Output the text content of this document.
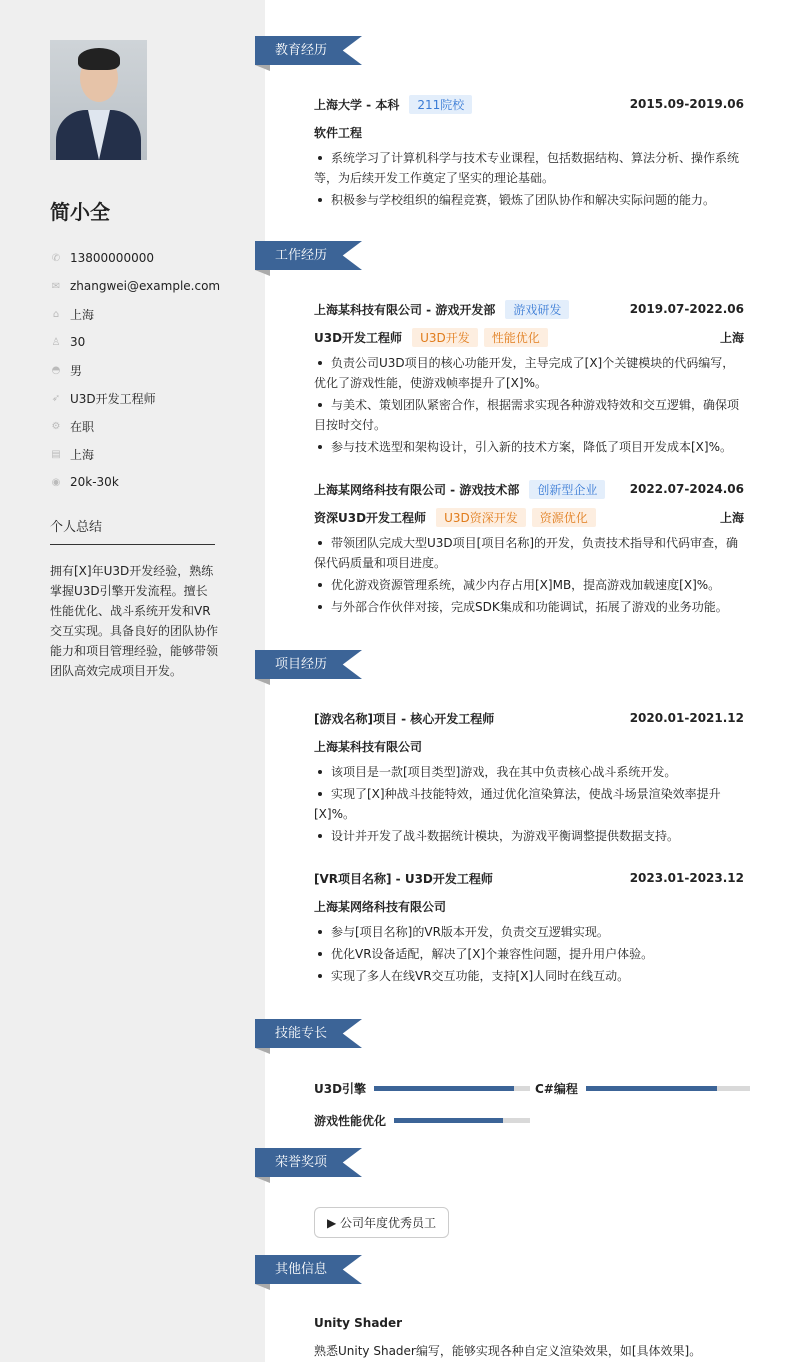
简小全
✆ 13800000000
✉ zhangwei@example.com
⌂ 上海
♙ 30
◓ 男
➶ U3D开发工程师
⚙ 在职
▤ 上海
◉ 20k-30k
个人总结
拥有[X]年U3D开发经验，熟练掌握U3D引擎开发流程。擅长性能优化、战斗系统开发和VR交互实现。具备良好的团队协作能力和项目管理经验，能够带领团队高效完成项目开发。
教育经历
上海大学 - 本科	211院校	2015.09-2019.06
软件工程
系统学习了计算机科学与技术专业课程，包括数据结构、算法分析、操作系统等，为后续开发工作奠定了坚实的理论基础。
积极参与学校组织的编程竞赛，锻炼了团队协作和解决实际问题的能力。
工作经历
上海某科技有限公司 - 游戏开发部	游戏研发	2019.07-2022.06
U3D开发工程师	U3D开发	性能优化	上海
负责公司U3D项目的核心功能开发，主导完成了[X]个关键模块的代码编写，优化了游戏性能，使游戏帧率提升了[X]%。
与美术、策划团队紧密合作，根据需求实现各种游戏特效和交互逻辑，确保项目按时交付。
参与技术选型和架构设计，引入新的技术方案，降低了项目开发成本[X]%。
上海某网络科技有限公司 - 游戏技术部	创新型企业	2022.07-2024.06
资深U3D开发工程师	U3D资深开发	资源优化	上海
带领团队完成大型U3D项目[项目名称]的开发，负责技术指导和代码审查，确保代码质量和项目进度。
优化游戏资源管理系统，减少内存占用[X]MB，提高游戏加载速度[X]%。
与外部合作伙伴对接，完成SDK集成和功能调试，拓展了游戏的业务功能。
项目经历
[游戏名称]项目 - 核心开发工程师	2020.01-2021.12
上海某科技有限公司
该项目是一款[项目类型]游戏，我在其中负责核心战斗系统开发。
实现了[X]种战斗技能特效，通过优化渲染算法，使战斗场景渲染效率提升[X]%。
设计并开发了战斗数据统计模块，为游戏平衡调整提供数据支持。
[VR项目名称] - U3D开发工程师	2023.01-2023.12
上海某网络科技有限公司
参与[项目名称]的VR版本开发，负责交互逻辑实现。
优化VR设备适配，解决了[X]个兼容性问题，提升用户体验。
实现了多人在线VR交互功能，支持[X]人同时在线互动。
技能专长
U3D引擎	C#编程
游戏性能优化
荣誉奖项
▶ 公司年度优秀员工
其他信息
Unity Shader
熟悉Unity Shader编写，能够实现各种自定义渲染效果，如[具体效果]。
